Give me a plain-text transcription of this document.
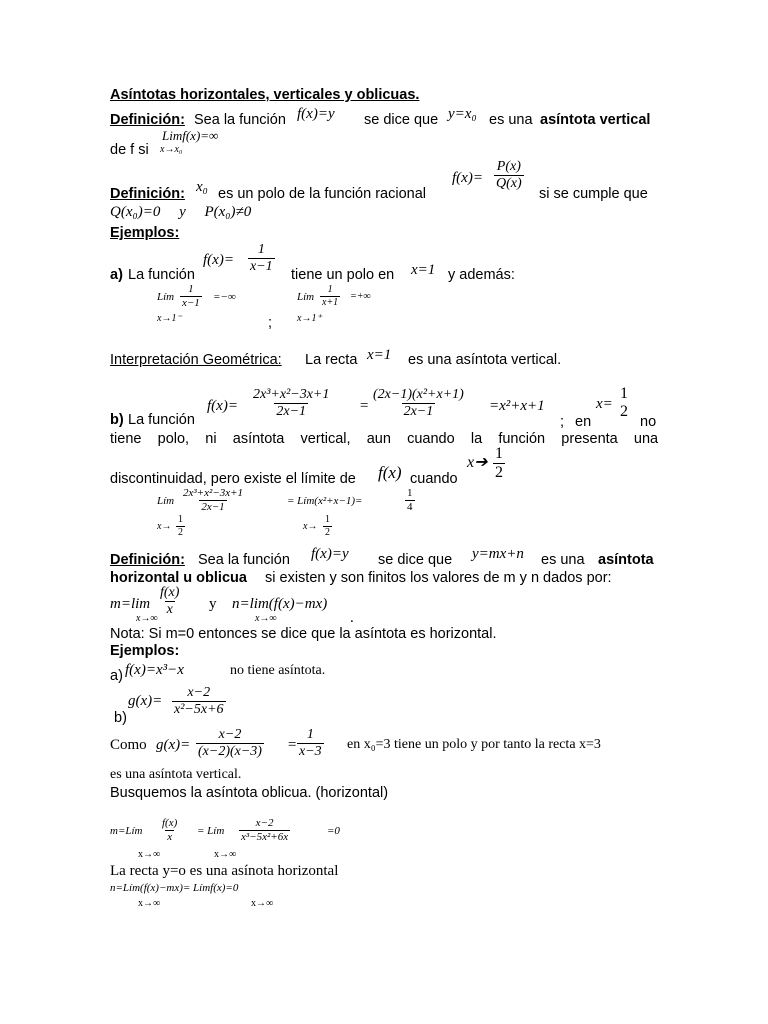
Asíntotas horizontales, verticales y oblicuas.
Definición: Sea la función f(x)=y se dice que y=x₀ es una asíntota vertical
de f si
Limf(x)=∞
x→x₀
Definición: x₀ es un polo de la función racional
$f(x)= \frac{P(x)}{Q(x)}$
si se cumple que
Q(x₀)=0     y     P(x₀)≠0
Ejemplos:
a) La función
$f(x)= \frac{1}{x-1}$
tiene un polo en x=1 y además:
Lím $\frac{1}{x-1}$ =−∞
x→1⁻	;
Lím $\frac{1}{x+1}$ =+∞
x→1⁺
Interpretación Geométrica: La recta x=1 es una asíntota vertical.
b) La función
$f(x)= \frac{\text{2x³+x²−3x+1}}{2x-1} = \frac{\text{(2x−1)(x²+x+1)}}{2x-1} =x^2+x+1$
; en
x=
1
2
no
tiene polo, ni asíntota vertical, aun cuando la función presenta una
discontinuidad, pero existe el límite de f(x) cuando
x➔ $\frac{1}{2}$
Lím $\frac{\text{2x³+x²−3x+1}}{2x-1}$	= Lím(x²+x−1)=	$\frac{1}{4}$
$x\to \frac{1}{2}$	$x\to \frac{1}{2}$
Definición: Sea la función f(x)=y se dice que y=mx+n es una asíntota
horizontal u oblicua si existen y son finitos los valores de m y n dados por:
$m=\lim \frac{f(x)}{x}$
x→∞
y n=lim(f(x)−mx)
x→∞	.
Nota: Si m=0 entonces se dice que la asíntota es horizontal.
Ejemplos:
a) f(x)=x³−x	no tiene asíntota.
$g(x)= \frac{x-2}{\text{x²−5x+6}}$
b)
Como $g(x)= \frac{x-2}{(x-2)(x-3)} = \frac{1}{x-3}$ en x₀=3 tiene un polo y por tanto la recta x=3
es una asíntota vertical.
Busquemos la asíntota oblicua. (horizontal)
m=Lím $\frac{f(x)}{x}$ = Lím $\frac{x-2}{\text{x³−5x²+6x}}$	=0
x→∞	x→∞
La recta y=o es una asínota horizontal
n=Lím(f(x)−mx)= Límf(x)=0
x→∞	x→∞
